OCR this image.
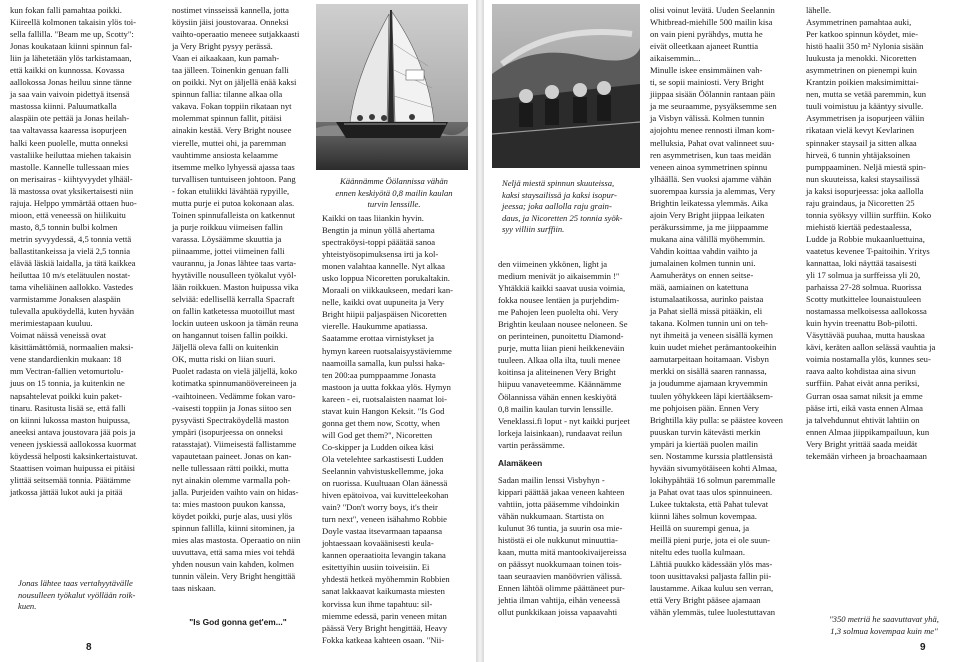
kun fokan falli pamahtaa poikki.
Kiireellä kolmonen takaisin ylös toi-
sella fallilla. "Beam me up, Scotty":
Jonas koukataan kiinni spinnun fal-
liin ja lähetetään ylös tarkistamaan,
että kaikki on kunnossa. Kovassa
aallokossa Jonas heiluu sinne tänne
ja saa vain vaivoin pidettyä itsensä
mastossa kiinni. Paluumatkalla
alaspäin ote pettää ja Jonas heilah-
taa valtavassa kaaressa isopurjeen
halki keen puolelle, mutta onneksi
vastaliike heiluttaa miehen takaisin
mastolle. Kannelle tullessaan mies
on merisairas - kiihtyvyydet ylhääl-
lä mastossa ovat yksikertaisesti niin
rajuja. Helppo ymmärtää ottaen huo-
mioon, että veneessä on hiilikuitu
masto, 8,5 tonnin bulbi kolmen
metrin syvyydessä, 4,5 tonnia vettä
ballastitankeissa ja vielä 2,5 tonnia
elävää läskiä laidalla, ja tätä kaikkea
heiluttaa 10 m/s etelätuulen nostat-
tama viheliäinen aallokko. Vastedes
varmistamme Jonaksen alaspäin
tulevalla apuköydellä, kuten hyvään
merimiestapaan kuuluu.
Voimat näissä veneissä ovat
käsittämättömiä, normaalien maksi-
vene standardienkin mukaan: 18
mm Vectran-fallien vetomurtolu-
juus on 15 tonnia, ja kuitenkin ne
napsahtelevat poikki kuin paket-
tinaru. Rasitusta lisää se, että falli
on kiinni lukossa maston huipussa,
aneeksi antava joustovara jää pois ja
veneen jyskiessä aallokossa kuormat
köydessä helposti kaksinkertaistuvat.
Staattisen voiman huipussa ei pitäisi
ylittää seitsemää tonnia. Päätämme
jatkossa jättää lukot auki ja pitää

Jonas lähtee taas vertahyytävälle
nousulleen työkalut vyöllään roik-
kuen.
8

nostimet vinsseissä kannella, jotta
köysiin jäisi joustovaraa. Onneksi
vaihto-operaatio meneee sutjakkaasti
ja Very Bright pysyy perässä.
Vaan ei aikaakaan, kun pamah-
taa jälleen. Toinenkin genuan falli
on poikki. Nyt on jäljellä enää kaksi
spinnun fallia: tilanne alkaa olla
vakava. Fokan toppiin rikataan nyt
molemmat spinnun fallit, pitäisi
ainakin kestää. Very Bright nousee
vierelle, muttei ohi, ja paremman
vauhtimme ansiosta kelaamme
itsemme melko lyhyessä ajassa taas
turvallisen tuntuiseen johtoon. Pang
- fokan etuliikki lävähtää rypyille,
mutta purje ei putoa kokonaan alas.
Toinen spinnufalleista on katkennut
ja purje roikkuu viimeisen fallin
varassa. Löysäämme skuuttia ja
piinaamme, jottei viimeinen falli
vaurannu, ja Jonas lähtee taas varta-
hyytäville nousulleen työkalut vyöl-
lään roikkuen. Maston huipussa vika
selviää: edellisellä kerralla Spacraft
on fallin katketessa muotoillut mast
lockin uuteen uskoon ja tämän reuna
on hangannut toisen fallin poikki.
Jäljellä oleva falli on kuitenkin
OK, mutta riski on liian suuri.
Puolet radasta on vielä jäljellä, koko
kotimatka spinnumanöövereineen ja
-vaihtoineen. Vedämme fokan varo-
-vaisesti toppiin ja Jonas siitoo sen
pysyvästi Spectraköydellä maston
ympäri (isopurjeessa on onneksi
ratasstajat). Viimeisestä fallistamme
vapautetaan paineet. Jonas on kan-
nelle tullessaan rätti poikki, mutta
nyt ainakin olemme varmalla poh-
jalla. Purjeiden vaihto vain on hidas-
ta: mies mastoon puukon kanssa,
köydet poikki, purje alas, uusi ylös
spinnun fallilla, kiinni sitominen, ja
mies alas mastosta. Operaatio on niin
uuvuttava, että sama mies voi tehdä
yhden nousun vain kahden, kolmen
tunnin välein. Very Bright hengittää
taas niskaan.

Käännämme Öölannissa vähän
ennen keskiyötä 0,8 mailin kaulan
turvin lenssille.

Kaikki on taas liiankin hyvin.
Bengtin ja minun yöllä ahertama
spectraköysi-toppi pääätää sanoa
yhteistyösopimuksensa irti ja kol-
monen valahtaa kannelle. Nyt alkaa
usko loppua Nicoretten porukaltakin.
Moraali on viikkaukseen, medari kan-
nelle, kaikki ovat uupuneita ja Very
Bright hiipii paljaspäisen Nicoretten
vierelle. Haukumme apatiassa.
Saatamme erottaa virnistykset ja
hymyn kareen ruotsalaisyystäviemme
naamoilla samalla, kun pulssi haka-
ten 200:aa pumppaamme Jonasta
mastoon ja uutta fokkaa ylös. Hymyn
kareen - ei, ruotsalaisten naamat loi-
stavat kuin Hangon Keksit. "Is God
gonna get them now, Scotty, when
will God get them?", Nicoretten
Co-skipper ja Ludden oikea käsi
Ola vetelehtee sarkastisesti Ludden
Seelannin vahvistuskellemme, joka
on ruorissa. Kuultuaan Olan äänessä
hiven epätoivoa, vai kuvitteleekohan
vain? "Don't worry boys, it's their
turn next", veneen isähahmo Robbie
Doyle vastaa itsevarmaan tapaansa
johtaessaan kovaäänisesti keula-
kannen operaatioita levangin takana
esitettyihin uusiin toiveisiin. Ei
yhdestä hetkeä myöhemmin Robbien
sanat lakkaavat kaikumasta miesten
korvissa kun ihme tapahtuu: sil-
miemme edessä, parin veneen mitan
päässä Very Bright hengittää, Heavy
Fokka katkeaa kahteen osaan. "Nii-

"Is God gonna get'em..."
Neljä miestä spinnun skuuteissa,
kaksi staysailissä ja kaksi isopur-
jeessa; joka aallolla raju grain-
daus, ja Nicoretten 25 tonnia syök-
syy villiin surffiin.

den viimeinen ykkönen, light ja
medium menivät jo aikaisemmin !"
Yhtäkkiä kaikki saavat uusia voimia,
fokka nousee lentäen ja purjehdim-
me Pahojen leen puolelta ohi. Very
Brightin keulaan nousee neloneen. Se
on perinteinen, punoitettu Diamond-
purje, mutta liian pieni heikkeneväin
tuuleen. Alkaa olla ilta, tuuli menee
koitinsa ja aliteinenen Very Bright
hiipuu vanaveteemme. Käännämme
Öölannissa vähän ennen keskiyötä
0,8 mailin kaulan turvin lenssille.
Veneklassi.fi loput - nyt kaikki purjeet
lorkeja laisinkaan), rundaavat reilun
vartin perässämme.

Alamäkeen

Sadan mailin lenssi Visbyhyn -
kippari päättää jakaa veneen kahteen
vahtiin, jotta pääsemme vihdoinkin
vähän nukkumaan. Startista on
kulunut 36 tuntia, ja suurin osa mie-
histöstä ei ole nukkunut minuuttia-
kaan, mutta mitä mantookivaijereissa
on päässyt nuokkumaan toinen tois-
taan seuraavien manöövrien välissä.
Ennen lähtöä olimme päättäneet pur-
jehtia ilman vahtija, eihän veneessä
ollut punkkikaan joissa vapaavahti

olisi voinut levätä. Uuden Seelannin
Whitbread-miehille 500 mailin kisa
on vain pieni pyrähdys, mutta he
eivät olleetkaan ajaneet Runttia
aikaisemmin...
Minulle iskee ensimmäinen vah-
ti, se sopii mainiosti. Very Bright
jiippaa sisään Öölannin rantaan päin
ja me seuraamme, pysyäksemme sen
ja Visbyn välissä. Kolmen tunnin
ajojohtu menee rennosti ilman kom-
melluksia, Pahat ovat valinneet suu-
ren asymmetrisen, kun taas meidän
veneen ainoa symmetrinen spinnu
ylhäällä. Sen vuoksi ajamme vähän
suorempaa kurssia ja alemmas, Very
Brightin leikatessa ylemmäs. Aika
ajoin Very Bright jiippaa leikaten
peräkurssimme, ja me jiippaamme
mukana aina välillä myöhemmin.
Vahdin koittaa vahdin vaihto ja
jumalainen kolmen tunnin uni.
Aamuherätys on ennen seitse-
mää, aamiainen on katettuna
istumalaatikossa, aurinko paistaa
ja Pahat siellä missä pitääkin, eli
takana. Kolmen tunnin uni on teh-
nyt ihmeitä ja veneen sisällä kymen
kuin uudet miehet perämantookeihin
aamutarpeitaan hoitamaan. Visbyn
merkki on sisällä saaren rannassa,
ja joudumme ajamaan kryvemmin
tuulen yöhykkeen läpi kiertääksem-
me pohjoisen pään. Ennen Very
Brightilla käy pulla: se päästee koveen
puuskan turvin kätevästi merkin
ympäri ja kiertää puolen mailin
sen. Nostamme kurssia plattlensistä
hyvään sivumyötäiseen kohti Almaa,
lokihypähtää 16 solmun paremmalle
ja Pahat ovat taas ulos spinnuineen.
Lukee tuktaksta, että Pahat tulevat
kiinni lähes solmun kovempaa.
Heillä on suurempi genua, ja
meillä pieni purje, jota ei ole suun-
niteltu edes tuolla kulmaan.
Lähtiä puukko kädessään ylös mas-
toon uusittavaksi paljasta fallin pii-
laustamme. Aikaa kuluu sen verran,
että Very Bright pääsee ajamaan
vähän ylemmäs, tulee luolestuttavan

lähelle.
Asymmetrinen pamahtaa auki,
Per katkoo spinnun köydet, mie-
histö haalii 350 m² Nylonia sisään
luukusta ja menokki. Nicoretten
asymmetrinen on pienempi kuin
Krantzin poikien maksimimittai-
nen, mutta se vetää paremmin, kun
tuuli voimistuu ja kääntyy sivulle.
Asymmetrisen ja isopurjeen väliin
rikataan vielä kevyt Kevlarinen
spinnaker staysail ja sitten alkaa
hirveä, 6 tunnin yhtäjaksoinen
pumppaaminen. Neljä miestä spin-
nun skuuteissa, kaksi staysailissä
ja kaksi isopurjeessa: joka aallolla
raju graindaus, ja Nicoretten 25
tonnia syöksyy villiin surffiin. Koko
miehistö kiertää pedestaalessa,
Ludde ja Robbie mukaanluettuina,
vaatetus kevenee T-paitoihin. Yritys
kannattaa, loki näyttää tasaisesti
yli 17 solmua ja surffeissa yli 20,
parhaissa 27-28 solmua. Ruorissa
Scotty mutkittelee lounaistuuleen
nostamassa melkoisessa aallokossa
kuin hyvin treenattu Bob-pilotti.
Väsyttävää puuhaa, mutta hauskaa
kävi, keräten aallon selässä vauhtia ja
voimia nostamalla ylös, kunnes seu-
raava aalto kohdistaa aina sivun
surffiin. Pahat eivät anna periksi,
Gurran osaa samat niksit ja emme
pääse irti, eikä vasta ennen Almaa
ja talvehdunnut ehtivät lahtiin on
ennen Almaa jiippikampailuun, kun
Very Bright yrittää saada meidät
tekemään virheen ja broachaamaan

"350 metriä he saavuttavat yhä,
1,3 solmua kovempaa kuin me"
9
